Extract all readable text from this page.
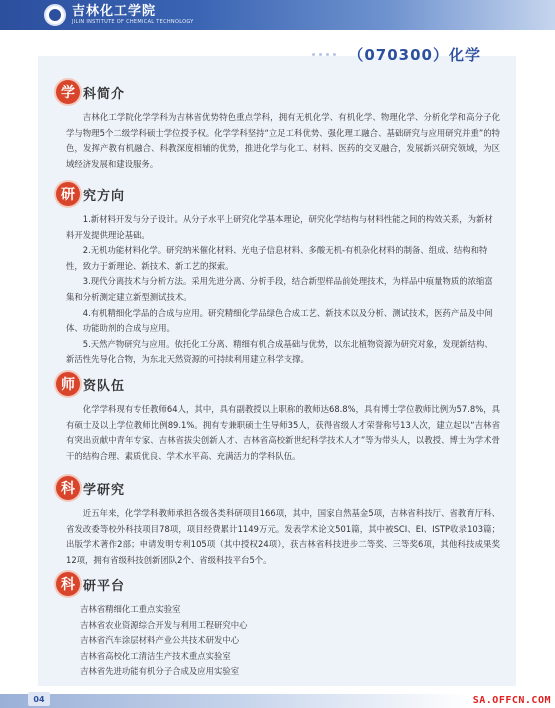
吉林化工学院
JILIN INSTITUTE OF CHEMICAL TECHNOLOGY
（070300）化学
学 科简介

吉林化工学院化学学科为吉林省优势特色重点学科，拥有无机化学、有机化学、物理化学、分析化学和高分子化学与物理5个二级学科硕士学位授予权。化学学科坚持“立足工科优势、强化理工融合、基础研究与应用研究并重”的特色，发挥产教有机融合、科教深度相辅的优势，推进化学与化工、材料、医药的交叉融合，发展新兴研究领域，为区域经济发展和建设服务。

研 究方向

1.新材料开发与分子设计。从分子水平上研究化学基本理论，研究化学结构与材料性能之间的构效关系，为新材料开发提供理论基础。

2.无机功能材料化学。研究纳米催化材料、光电子信息材料、多酸无机-有机杂化材料的制备、组成、结构和特性，致力于新理论、新技术、新工艺的探索。

3.现代分离技术与分析方法。采用先进分离、分析手段，结合新型样品前处理技术，为样品中痕量物质的浓缩富集和分析测定建立新型测试技术。

4.有机精细化学品的合成与应用。研究精细化学品绿色合成工艺、新技术以及分析、测试技术，医药产品及中间体、功能助剂的合成与应用。

5.天然产物研究与应用。依托化工分离、精细有机合成基础与优势，以东北植物资源为研究对象，发现新结构、新活性先导化合物，为东北天然资源的可持续利用建立科学支撑。

师 资队伍

化学学科现有专任教师64人，其中，具有副教授以上职称的教师达68.8%，具有博士学位教师比例为57.8%，具有硕士及以上学位教师比例89.1%。拥有专兼职硕士生导师35人，获得省级人才荣誉称号13人次，建立起以“吉林省有突出贡献中青年专家、吉林省拔尖创新人才、吉林省高校新世纪科学技术人才”等为带头人，以教授、博士为学术骨干的结构合理、素质优良、学术水平高、充满活力的学科队伍。

科 学研究

近五年来，化学学科教师承担各级各类科研项目166项，其中，国家自然基金5项，吉林省科技厅、省教育厅科、省发改委等校外科技项目78项，项目经费累计1149万元。发表学术论文501篇，其中被SCI、EI、ISTP收录103篇；出版学术著作2部；申请发明专利105项（其中授权24项），获吉林省科技进步二等奖、三等奖6项，其他科技成果奖12项，拥有省级科技创新团队2个、省级科技平台5个。

科 研平台

吉林省精细化工重点实验室

吉林省农业资源综合开发与利用工程研究中心

吉林省汽车涂层材料产业公共技术研发中心

吉林省高校化工清洁生产技术重点实验室

吉林省先进功能有机分子合成及应用实验室

04	SA.OFFCN.COM
